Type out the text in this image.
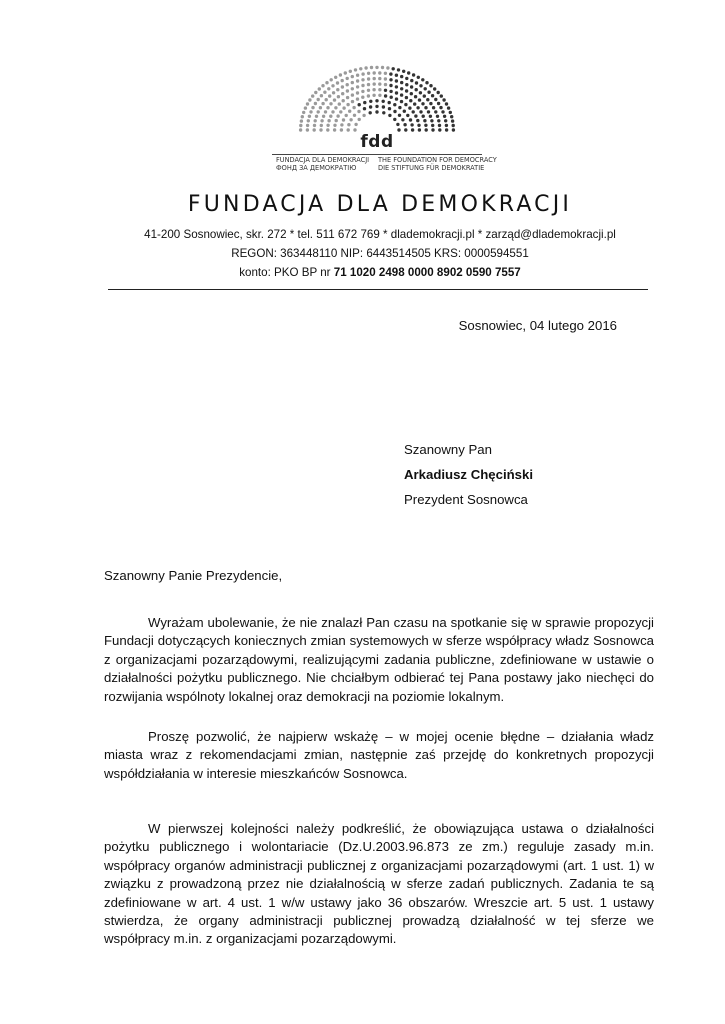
fdd
FUNDACJA DLA DEMOKRACJI
ФОНД ЗА ДЕМОКРАТІЮ
THE FOUNDATION FOR DEMOCRACY
DIE STIFTUNG FÜR DEMOKRATIE
FUNDACJA DLA DEMOKRACJI
41-200 Sosnowiec, skr. 272 * tel. 511 672 769 * dlademokracji.pl * zarząd@dlademokracji.pl
REGON: 363448110 NIP: 6443514505 KRS: 0000594551
konto: PKO BP nr 71 1020 2498 0000 8902 0590 7557
Sosnowiec, 04 lutego 2016
Szanowny Pan
Arkadiusz Chęciński
Prezydent Sosnowca
Szanowny Panie Prezydencie,

Wyrażam ubolewanie, że nie znalazł Pan czasu na spotkanie się w sprawie propozycji Fundacji dotyczących koniecznych zmian systemowych w sferze współpracy władz Sosnowca z organizacjami pozarządowymi, realizującymi zadania publiczne, zdefiniowane w ustawie o działalności pożytku publicznego. Nie chciałbym odbierać tej Pana postawy jako niechęci do rozwijania wspólnoty lokalnej oraz demokracji na poziomie lokalnym.

Proszę pozwolić, że najpierw wskażę – w mojej ocenie błędne – działania władz miasta wraz z rekomendacjami zmian, następnie zaś przejdę do konkretnych propozycji współdziałania w interesie mieszkańców Sosnowca.

W pierwszej kolejności należy podkreślić, że obowiązująca ustawa o działalności pożytku publicznego i wolontariacie (Dz.U.2003.96.873 ze zm.) reguluje zasady m.in. współpracy organów administracji publicznej z organizacjami pozarządowymi (art. 1 ust. 1) w związku z prowadzoną przez nie działalnością w sferze zadań publicznych. Zadania te są zdefiniowane w art. 4 ust. 1 w/w ustawy jako 36 obszarów. Wreszcie art. 5 ust. 1 ustawy stwierdza, że organy administracji publicznej prowadzą działalność w tej sferze we współpracy m.in. z organizacjami pozarządowymi.
